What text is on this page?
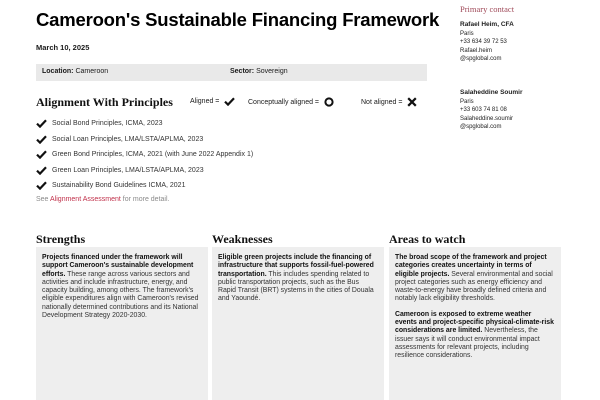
Cameroon's Sustainable Financing Framework
March 10, 2025
Location: Cameroon	Sector: Sovereign
Primary contact
Rafael Heim, CFA
Paris
+33 634 39 72 53
Rafael.heim
@spglobal.com
Salaheddine Soumir
Paris
+33 603 74 81 08
Salaheddine.soumir
@spglobal.com
Alignment With Principles Aligned =	Conceptually aligned =	Not aligned =
Social Bond Principles, ICMA, 2023
Social Loan Principles, LMA/LSTA/APLMA, 2023
Green Bond Principles, ICMA, 2021 (with June 2022 Appendix 1)
Green Loan Principles, LMA/LSTA/APLMA, 2023
Sustainability Bond Guidelines ICMA, 2021
See Alignment Assessment for more detail.
Strengths

Projects financed under the framework will support Cameroon's sustainable development efforts. These range across various sectors and activities and include infrastructure, energy, and capacity building, among others. The framework's eligible expenditures align with Cameroon's revised nationally determined contributions and its National Development Strategy 2020-2030.

Weaknesses

Eligible green projects include the financing of infrastructure that supports fossil-fuel-powered transportation. This includes spending related to public transportation projects, such as the Bus Rapid Transit (BRT) systems in the cities of Douala and Yaoundé.

Areas to watch

The broad scope of the framework and project categories creates uncertainty in terms of eligible projects. Several environmental and social project categories such as energy efficiency and waste-to-energy have broadly defined criteria and notably lack eligibility thresholds.

Cameroon is exposed to extreme weather events and project-specific physical-climate-risk considerations are limited. Nevertheless, the issuer says it will conduct environmental impact assessments for relevant projects, including resilience considerations.
